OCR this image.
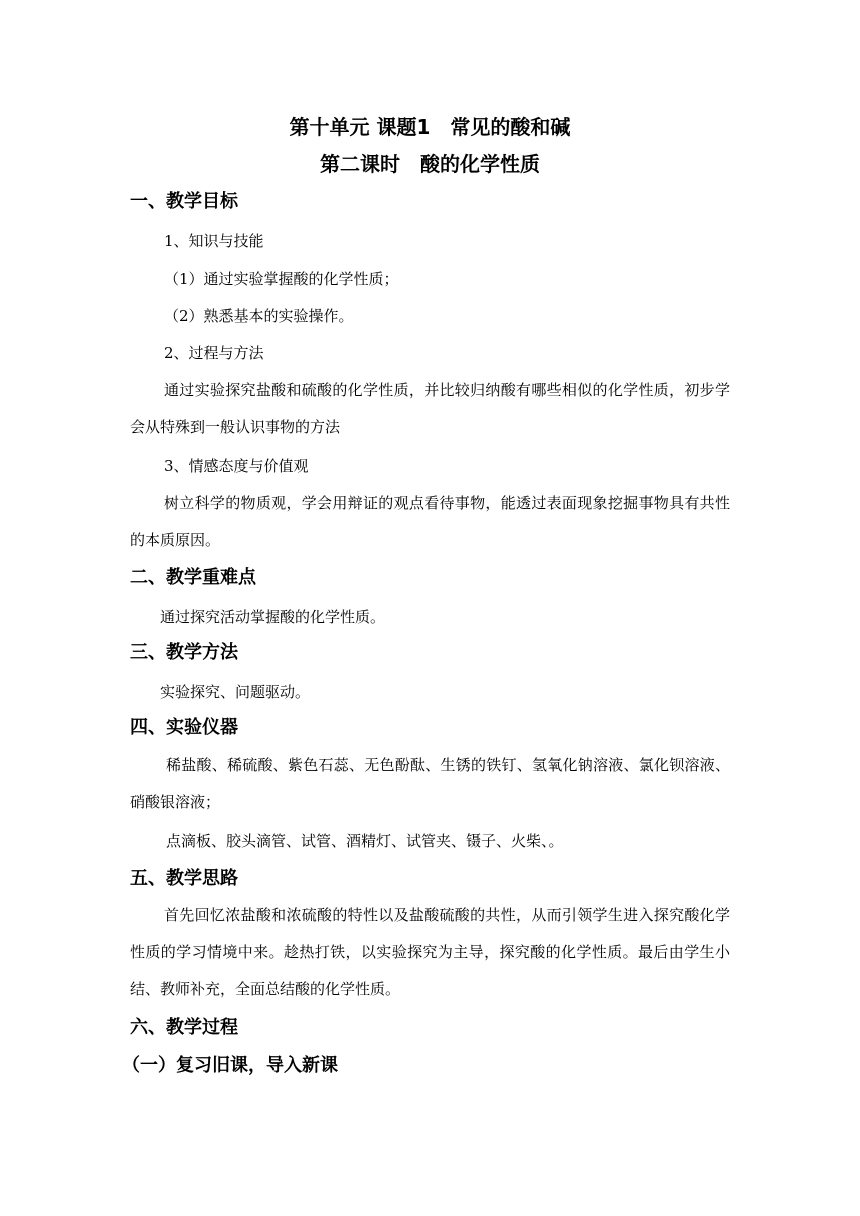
第十单元 课题1　常见的酸和碱
第二课时　酸的化学性质
一、教学目标
1、知识与技能
（1）通过实验掌握酸的化学性质；
（2）熟悉基本的实验操作。
2、过程与方法
通过实验探究盐酸和硫酸的化学性质，并比较归纳酸有哪些相似的化学性质，初步学会从特殊到一般认识事物的方法
3、情感态度与价值观
树立科学的物质观，学会用辩证的观点看待事物，能透过表面现象挖掘事物具有共性的本质原因。
二、教学重难点
通过探究活动掌握酸的化学性质。
三、教学方法
实验探究、问题驱动。
四、实验仪器
稀盐酸、稀硫酸、紫色石蕊、无色酚酞、生锈的铁钉、氢氧化钠溶液、氯化钡溶液、硝酸银溶液；
点滴板、胶头滴管、试管、酒精灯、试管夹、镊子、火柴、。
五、教学思路
首先回忆浓盐酸和浓硫酸的特性以及盐酸硫酸的共性，从而引领学生进入探究酸化学性质的学习情境中来。趁热打铁，以实验探究为主导，探究酸的化学性质。最后由学生小结、教师补充，全面总结酸的化学性质。
六、教学过程
（一）复习旧课，导入新课
